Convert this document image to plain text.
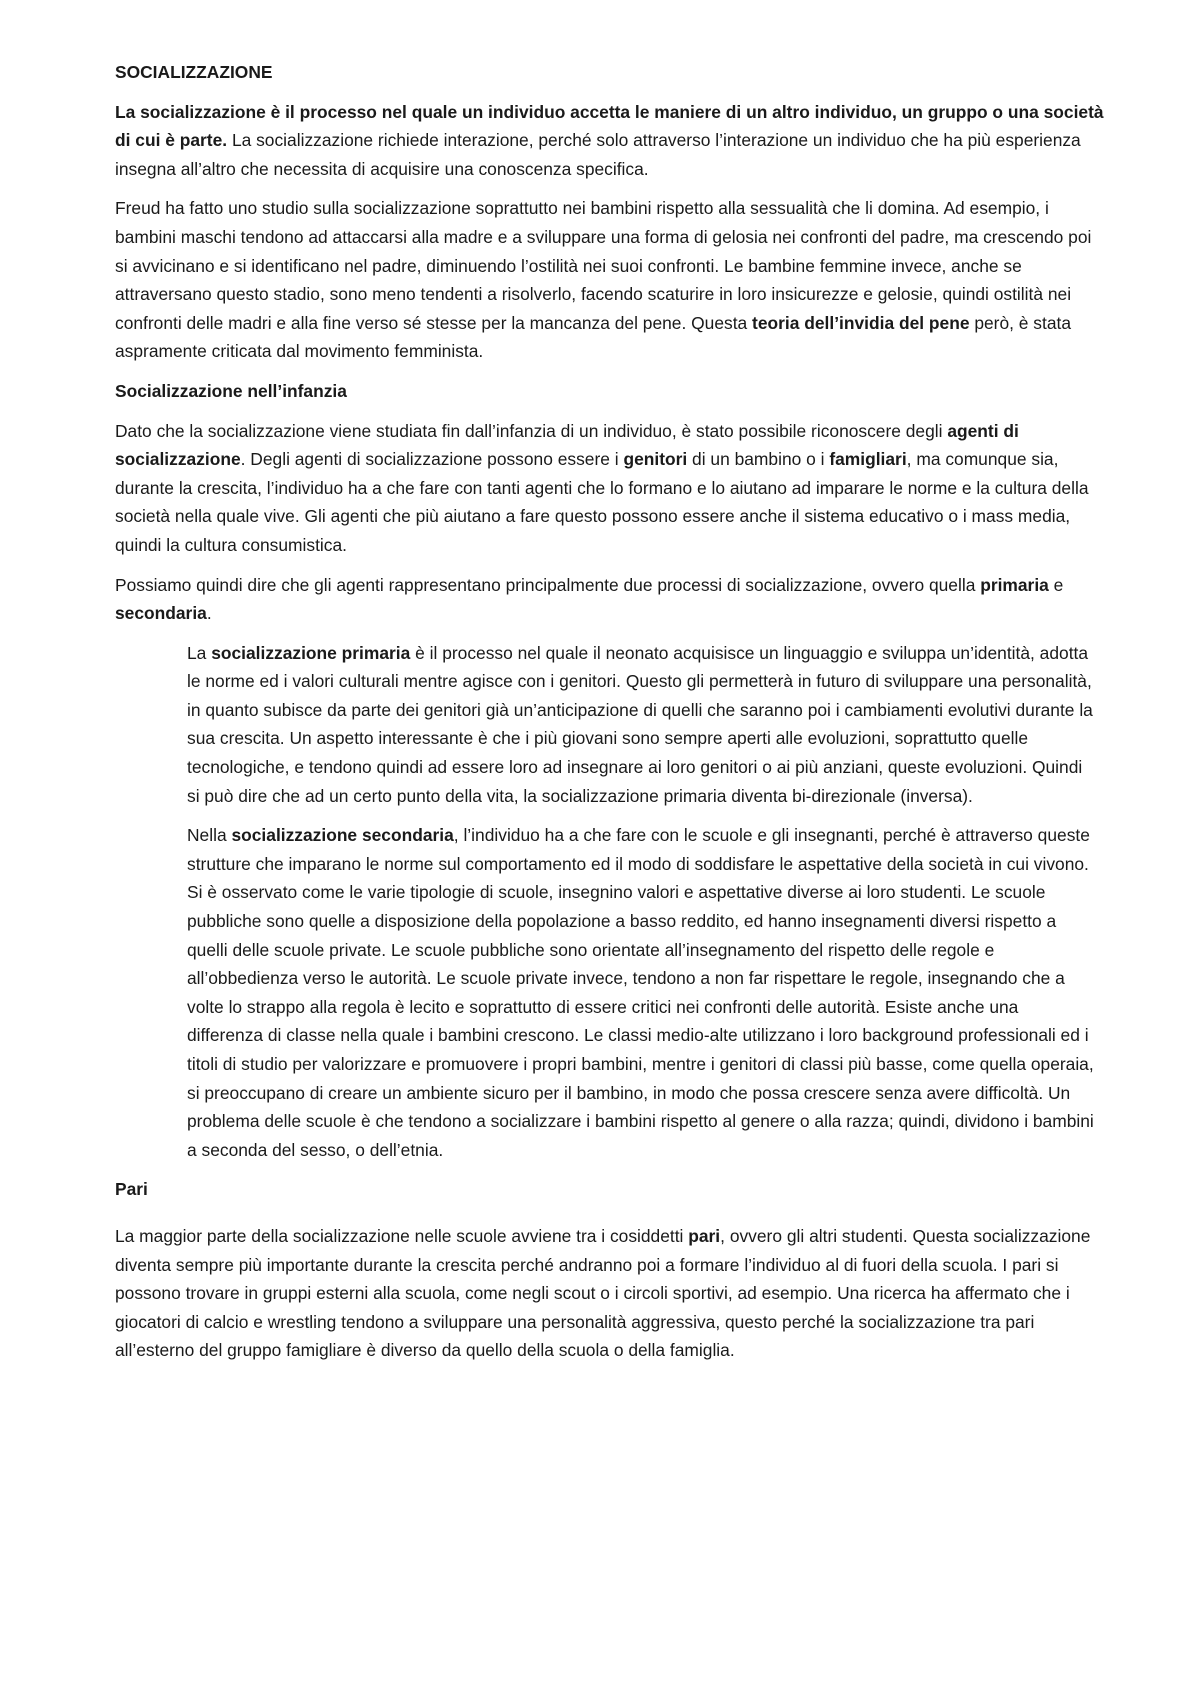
SOCIALIZZAZIONE
La socializzazione è il processo nel quale un individuo accetta le maniere di un altro individuo, un gruppo o una società di cui è parte. La socializzazione richiede interazione, perché solo attraverso l’interazione un individuo che ha più esperienza insegna all’altro che necessita di acquisire una conoscenza specifica.
Freud ha fatto uno studio sulla socializzazione soprattutto nei bambini rispetto alla sessualità che li domina. Ad esempio, i bambini maschi tendono ad attaccarsi alla madre e a sviluppare una forma di gelosia nei confronti del padre, ma crescendo poi si avvicinano e si identificano nel padre, diminuendo l’ostilità nei suoi confronti. Le bambine femmine invece, anche se attraversano questo stadio, sono meno tendenti a risolverlo, facendo scaturire in loro insicurezze e gelosie, quindi ostilità nei confronti delle madri e alla fine verso sé stesse per la mancanza del pene. Questa teoria dell’invidia del pene però, è stata aspramente criticata dal movimento femminista.
Socializzazione nell’infanzia
Dato che la socializzazione viene studiata fin dall’infanzia di un individuo, è stato possibile riconoscere degli agenti di socializzazione. Degli agenti di socializzazione possono essere i genitori di un bambino o i famigliari, ma comunque sia, durante la crescita, l’individuo ha a che fare con tanti agenti che lo formano e lo aiutano ad imparare le norme e la cultura della società nella quale vive. Gli agenti che più aiutano a fare questo possono essere anche il sistema educativo o i mass media, quindi la cultura consumistica.
Possiamo quindi dire che gli agenti rappresentano principalmente due processi di socializzazione, ovvero quella primaria e secondaria.
La socializzazione primaria è il processo nel quale il neonato acquisisce un linguaggio e sviluppa un’identità, adotta le norme ed i valori culturali mentre agisce con i genitori. Questo gli permetterà in futuro di sviluppare una personalità, in quanto subisce da parte dei genitori già un’anticipazione di quelli che saranno poi i cambiamenti evolutivi durante la sua crescita. Un aspetto interessante è che i più giovani sono sempre aperti alle evoluzioni, soprattutto quelle tecnologiche, e tendono quindi ad essere loro ad insegnare ai loro genitori o ai più anziani, queste evoluzioni. Quindi si può dire che ad un certo punto della vita, la socializzazione primaria diventa bi-direzionale (inversa).
Nella socializzazione secondaria, l’individuo ha a che fare con le scuole e gli insegnanti, perché è attraverso queste strutture che imparano le norme sul comportamento ed il modo di soddisfare le aspettative della società in cui vivono. Si è osservato come le varie tipologie di scuole, insegnino valori e aspettative diverse ai loro studenti. Le scuole pubbliche sono quelle a disposizione della popolazione a basso reddito, ed hanno insegnamenti diversi rispetto a quelli delle scuole private. Le scuole pubbliche sono orientate all’insegnamento del rispetto delle regole e all’obbedienza verso le autorità. Le scuole private invece, tendono a non far rispettare le regole, insegnando che a volte lo strappo alla regola è lecito e soprattutto di essere critici nei confronti delle autorità. Esiste anche una differenza di classe nella quale i bambini crescono. Le classi medio-alte utilizzano i loro background professionali ed i titoli di studio per valorizzare e promuovere i propri bambini, mentre i genitori di classi più basse, come quella operaia, si preoccupano di creare un ambiente sicuro per il bambino, in modo che possa crescere senza avere difficoltà. Un problema delle scuole è che tendono a socializzare i bambini rispetto al genere o alla razza; quindi, dividono i bambini a seconda del sesso, o dell’etnia.
Pari
La maggior parte della socializzazione nelle scuole avviene tra i cosiddetti pari, ovvero gli altri studenti. Questa socializzazione diventa sempre più importante durante la crescita perché andranno poi a formare l’individuo al di fuori della scuola. I pari si possono trovare in gruppi esterni alla scuola, come negli scout o i circoli sportivi, ad esempio. Una ricerca ha affermato che i giocatori di calcio e wrestling tendono a sviluppare una personalità aggressiva, questo perché la socializzazione tra pari all’esterno del gruppo famigliare è diverso da quello della scuola o della famiglia.
